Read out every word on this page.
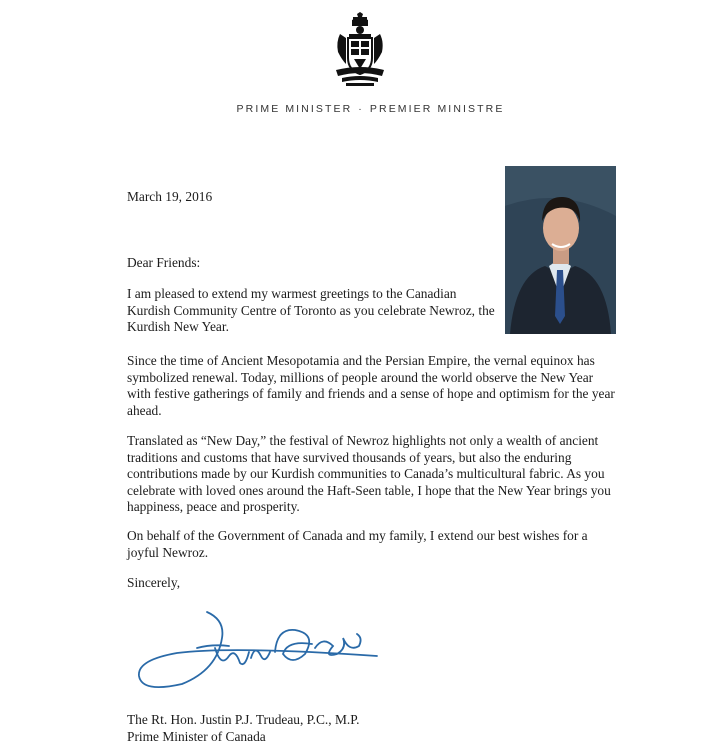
PRIME MINISTER · PREMIER MINISTRE
March 19, 2016
Dear Friends:

I am pleased to extend my warmest greetings to the Canadian Kurdish Community Centre of Toronto as you celebrate Newroz, the Kurdish New Year.

Since the time of Ancient Mesopotamia and the Persian Empire, the vernal equinox has symbolized renewal. Today, millions of people around the world observe the New Year with festive gatherings of family and friends and a sense of hope and optimism for the year ahead.

Translated as “New Day,” the festival of Newroz highlights not only a wealth of ancient traditions and customs that have survived thousands of years, but also the enduring contributions made by our Kurdish communities to Canada’s multicultural fabric. As you celebrate with loved ones around the Haft-Seen table, I hope that the New Year brings you happiness, peace and prosperity.

On behalf of the Government of Canada and my family, I extend our best wishes for a joyful Newroz.

Sincerely,
The Rt. Hon. Justin P.J. Trudeau, P.C., M.P.
Prime Minister of Canada
